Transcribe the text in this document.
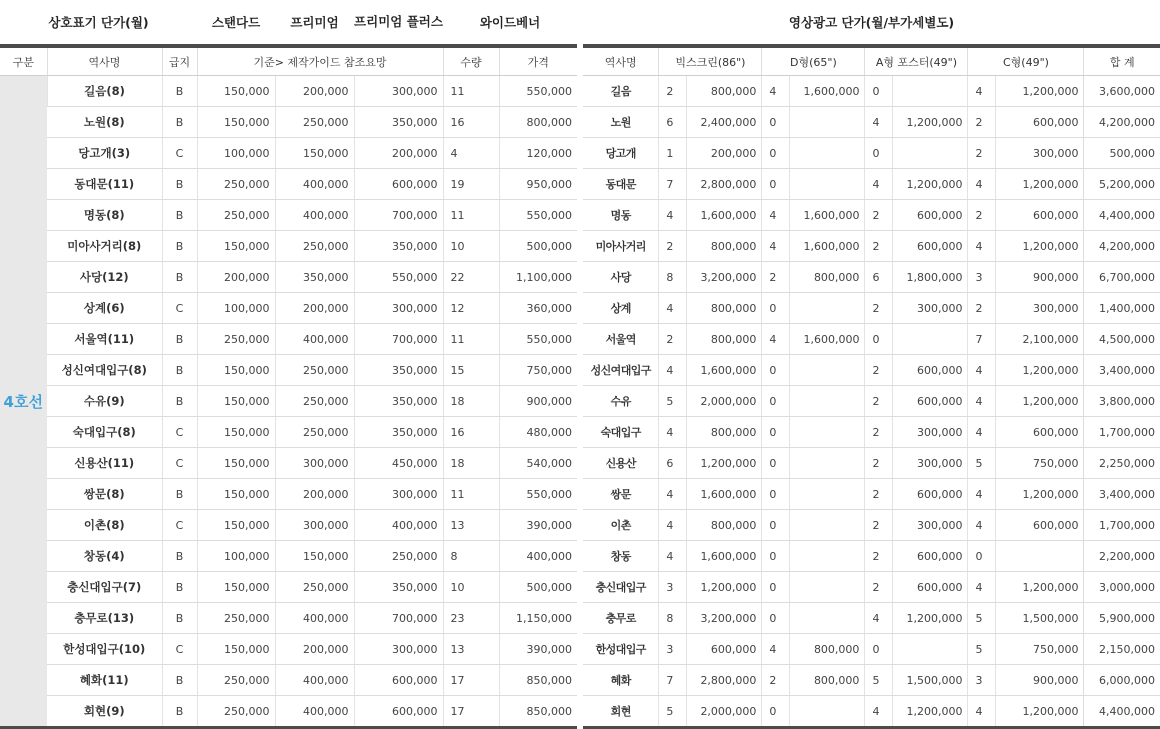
상호표기 단가(월)			스탠다드	프리미엄	프리미엄 플러스	와이드베너	
구분	역사명	급지	기준> 제작가이드 참조요망			수량	가격
4호선	길음(8)	B	150,000	200,000	300,000	11	550,000
	노원(8)	B	150,000	250,000	350,000	16	800,000
	당고개(3)	C	100,000	150,000	200,000	4	120,000
	동대문(11)	B	250,000	400,000	600,000	19	950,000
	명동(8)	B	250,000	400,000	700,000	11	550,000
	미아사거리(8)	B	150,000	250,000	350,000	10	500,000
	사당(12)	B	200,000	350,000	550,000	22	1,100,000
	상계(6)	C	100,000	200,000	300,000	12	360,000
	서울역(11)	B	250,000	400,000	700,000	11	550,000
	성신여대입구(8)	B	150,000	250,000	350,000	15	750,000
	수유(9)	B	150,000	250,000	350,000	18	900,000
	숙대입구(8)	C	150,000	250,000	350,000	16	480,000
	신용산(11)	C	150,000	300,000	450,000	18	540,000
	쌍문(8)	B	150,000	200,000	300,000	11	550,000
	이촌(8)	C	150,000	300,000	400,000	13	390,000
	창동(4)	B	100,000	150,000	250,000	8	400,000
	충신대입구(7)	B	150,000	250,000	350,000	10	500,000
	충무로(13)	B	250,000	400,000	700,000	23	1,150,000
	한성대입구(10)	C	150,000	200,000	300,000	13	390,000
	혜화(11)	B	250,000	400,000	600,000	17	850,000
	회현(9)	B	250,000	400,000	600,000	17	850,000
영상광고 단가(월/부가세별도)									
역사명	빅스크린(86")		D형(65")		A형 포스터(49")		C형(49")		합 계
길음	2	800,000	4	1,600,000	0		4	1,200,000	3,600,000
노원	6	2,400,000	0		4	1,200,000	2	600,000	4,200,000
당고개	1	200,000	0		0		2	300,000	500,000
동대문	7	2,800,000	0		4	1,200,000	4	1,200,000	5,200,000
명동	4	1,600,000	4	1,600,000	2	600,000	2	600,000	4,400,000
미아사거리	2	800,000	4	1,600,000	2	600,000	4	1,200,000	4,200,000
사당	8	3,200,000	2	800,000	6	1,800,000	3	900,000	6,700,000
상계	4	800,000	0		2	300,000	2	300,000	1,400,000
서울역	2	800,000	4	1,600,000	0		7	2,100,000	4,500,000
성신여대입구	4	1,600,000	0		2	600,000	4	1,200,000	3,400,000
수유	5	2,000,000	0		2	600,000	4	1,200,000	3,800,000
숙대입구	4	800,000	0		2	300,000	4	600,000	1,700,000
신용산	6	1,200,000	0		2	300,000	5	750,000	2,250,000
쌍문	4	1,600,000	0		2	600,000	4	1,200,000	3,400,000
이촌	4	800,000	0		2	300,000	4	600,000	1,700,000
창동	4	1,600,000	0		2	600,000	0		2,200,000
충신대입구	3	1,200,000	0		2	600,000	4	1,200,000	3,000,000
충무로	8	3,200,000	0		4	1,200,000	5	1,500,000	5,900,000
한성대입구	3	600,000	4	800,000	0		5	750,000	2,150,000
혜화	7	2,800,000	2	800,000	5	1,500,000	3	900,000	6,000,000
회현	5	2,000,000	0		4	1,200,000	4	1,200,000	4,400,000
